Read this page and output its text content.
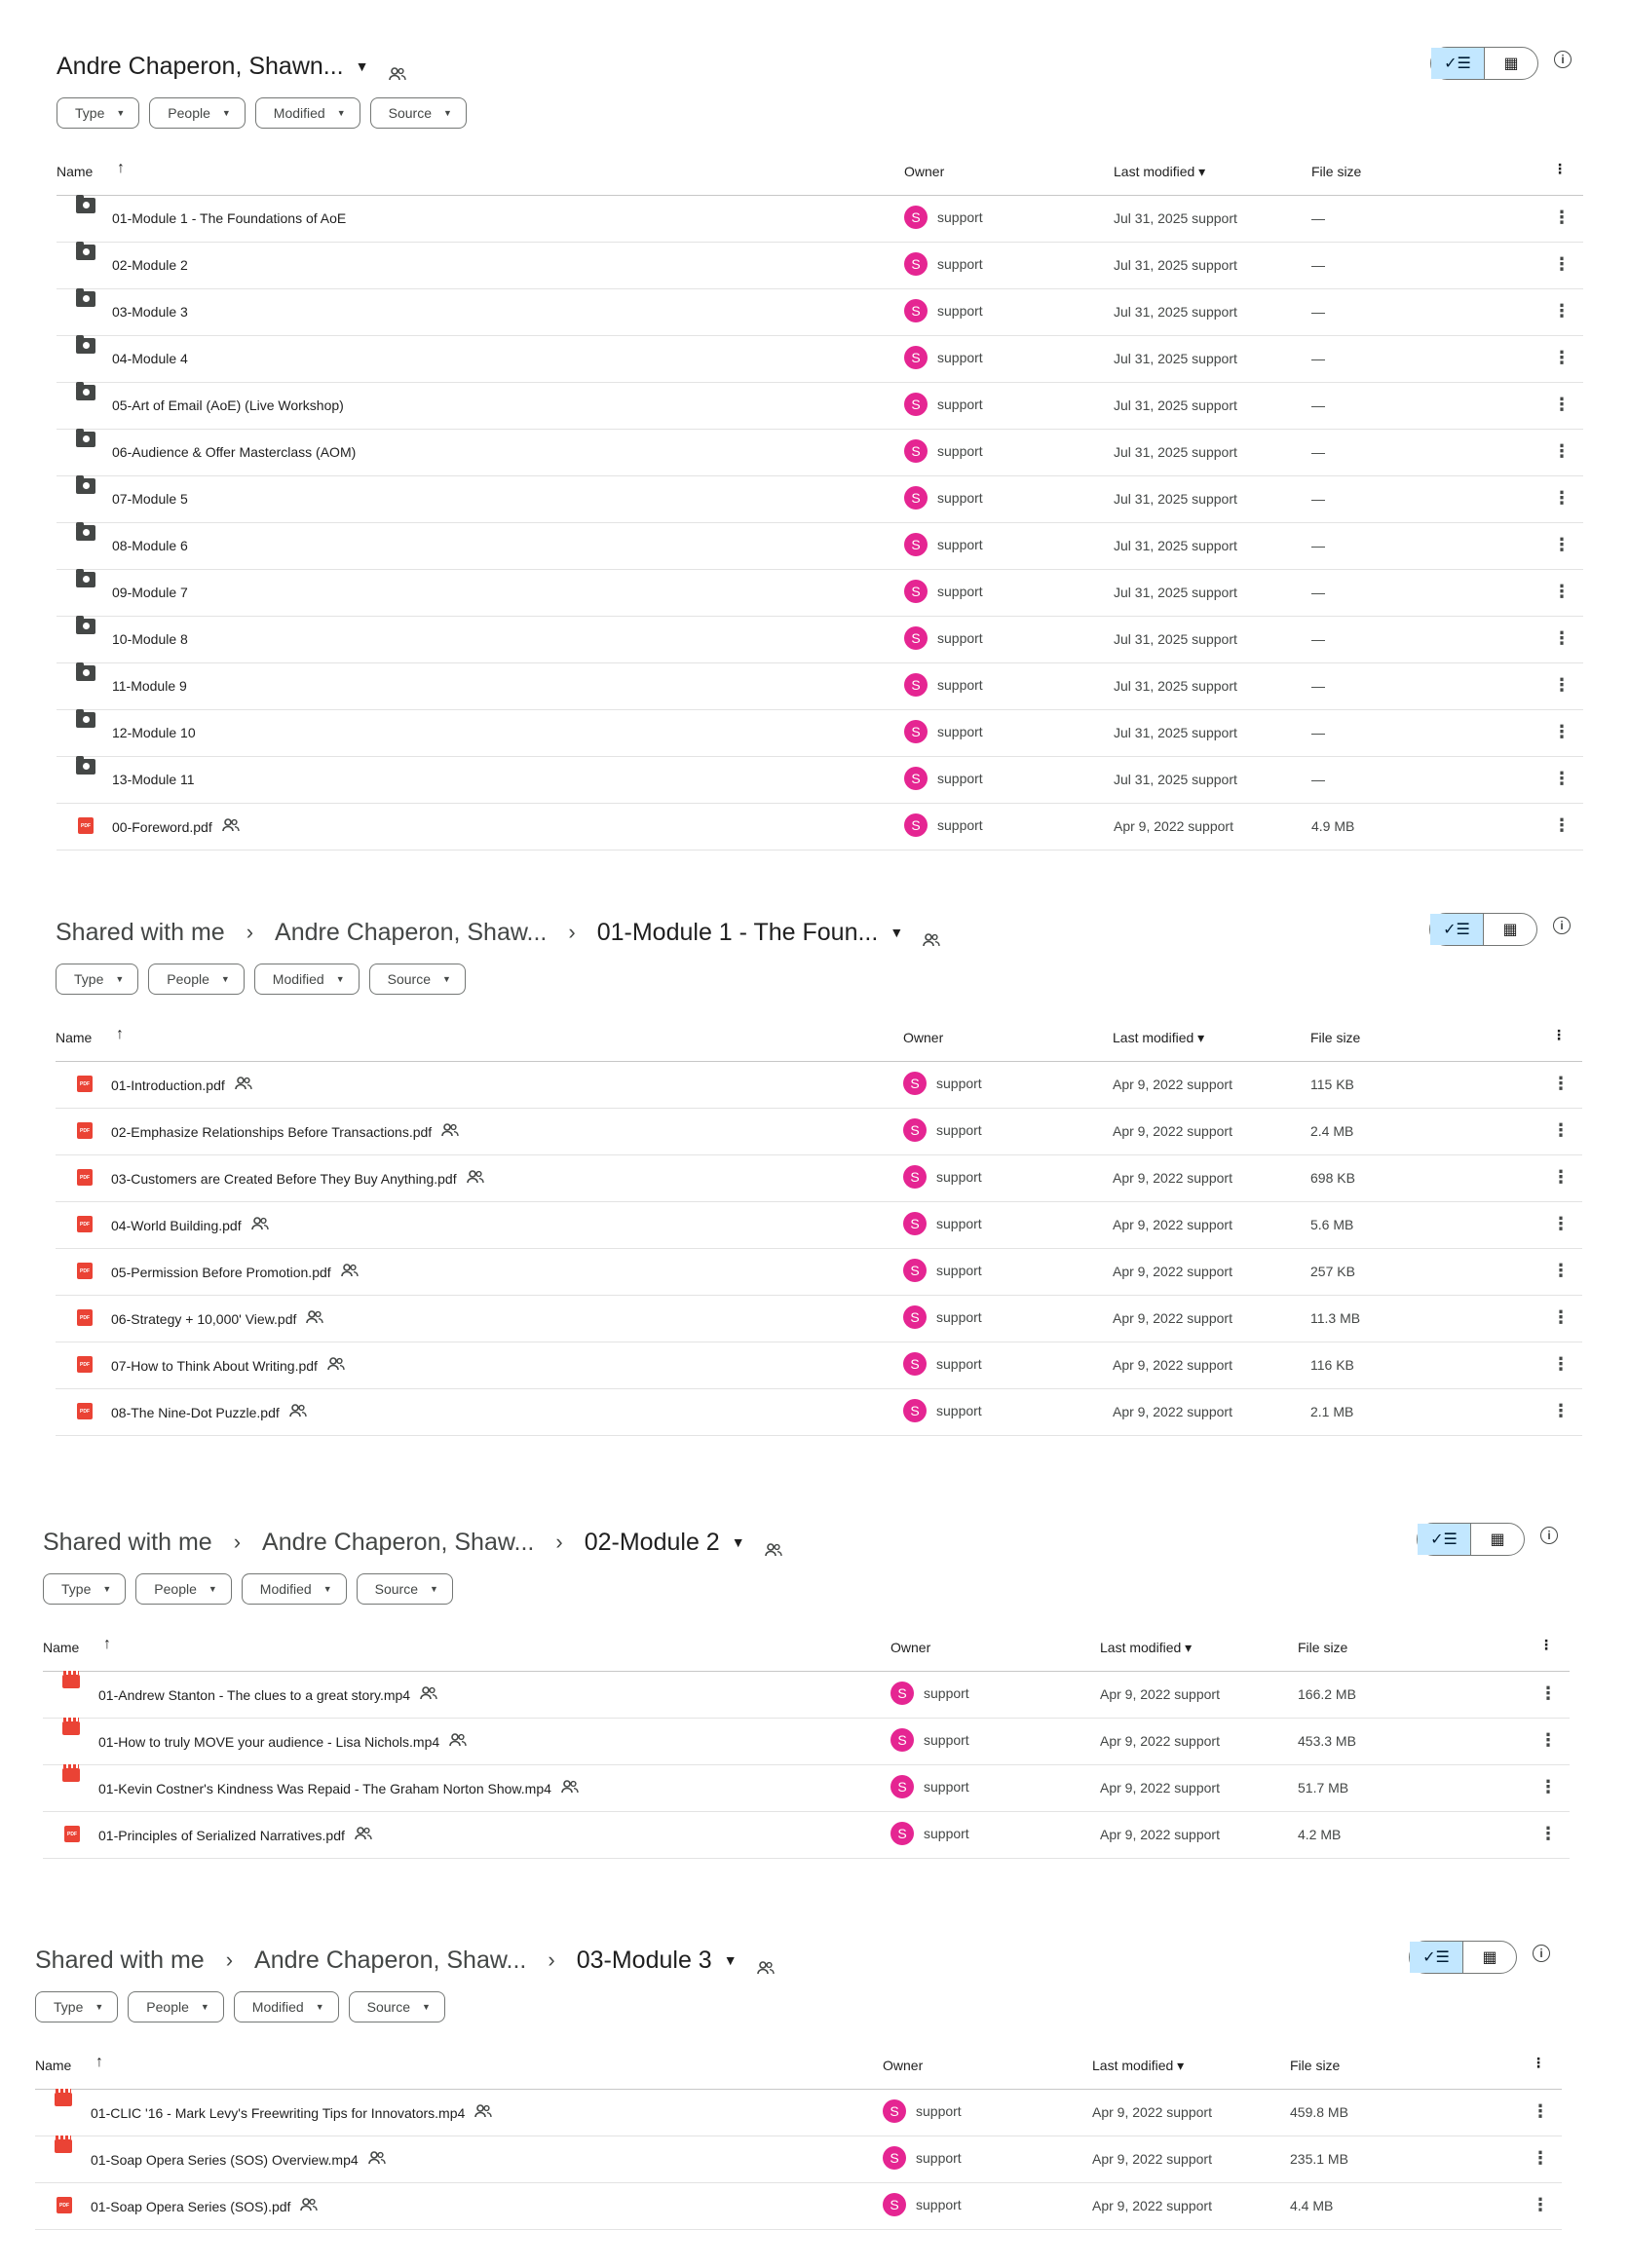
Andre Chaperon, Shawn... ▼	✓☰	▦	i
Type ▼	People ▼	Modified ▼	Source ▼
Name ↑	Owner	Last modified ▾	File size	⋮
01-Module 1 - The Foundations of AoE	S	support	Jul 31, 2025 support	—	⋮
02-Module 2	S	support	Jul 31, 2025 support	—	⋮
03-Module 3	S	support	Jul 31, 2025 support	—	⋮
04-Module 4	S	support	Jul 31, 2025 support	—	⋮
05-Art of Email (AoE) (Live Workshop)	S	support	Jul 31, 2025 support	—	⋮
06-Audience & Offer Masterclass (AOM)	S	support	Jul 31, 2025 support	—	⋮
07-Module 5	S	support	Jul 31, 2025 support	—	⋮
08-Module 6	S	support	Jul 31, 2025 support	—	⋮
09-Module 7	S	support	Jul 31, 2025 support	—	⋮
10-Module 8	S	support	Jul 31, 2025 support	—	⋮
11-Module 9	S	support	Jul 31, 2025 support	—	⋮
12-Module 10	S	support	Jul 31, 2025 support	—	⋮
13-Module 11	S	support	Jul 31, 2025 support	—	⋮
PDF 00-Foreword.pdf	S	support	Apr 9, 2022 support	4.9 MB	⋮
Shared with me › Andre Chaperon, Shaw... › 01-Module 1 - The Foun... ▼	✓☰	▦	i
Type ▼	People ▼	Modified ▼	Source ▼
Name ↑	Owner	Last modified ▾	File size	⋮
PDF 01-Introduction.pdf	S	support	Apr 9, 2022 support	115 KB	⋮
PDF 02-Emphasize Relationships Before Transactions.pdf	S	support	Apr 9, 2022 support	2.4 MB	⋮
PDF 03-Customers are Created Before They Buy Anything.pdf	S	support	Apr 9, 2022 support	698 KB	⋮
PDF 04-World Building.pdf	S	support	Apr 9, 2022 support	5.6 MB	⋮
PDF 05-Permission Before Promotion.pdf	S	support	Apr 9, 2022 support	257 KB	⋮
PDF 06-Strategy + 10,000' View.pdf	S	support	Apr 9, 2022 support	11.3 MB	⋮
PDF 07-How to Think About Writing.pdf	S	support	Apr 9, 2022 support	116 KB	⋮
PDF 08-The Nine-Dot Puzzle.pdf	S	support	Apr 9, 2022 support	2.1 MB	⋮
Shared with me › Andre Chaperon, Shaw... › 02-Module 2 ▼	✓☰	▦	i
Type ▼	People ▼	Modified ▼	Source ▼
Name ↑	Owner	Last modified ▾	File size	⋮
01-Andrew Stanton - The clues to a great story.mp4	S	support	Apr 9, 2022 support	166.2 MB	⋮
01-How to truly MOVE your audience - Lisa Nichols.mp4	S	support	Apr 9, 2022 support	453.3 MB	⋮
01-Kevin Costner's Kindness Was Repaid - The Graham Norton Show.mp4	S	support	Apr 9, 2022 support	51.7 MB	⋮
PDF 01-Principles of Serialized Narratives.pdf	S	support	Apr 9, 2022 support	4.2 MB	⋮
Shared with me › Andre Chaperon, Shaw... › 03-Module 3 ▼	✓☰	▦	i
Type ▼	People ▼	Modified ▼	Source ▼
Name ↑	Owner	Last modified ▾	File size	⋮
01-CLIC '16 - Mark Levy's Freewriting Tips for Innovators.mp4	S	support	Apr 9, 2022 support	459.8 MB	⋮
01-Soap Opera Series (SOS) Overview.mp4	S	support	Apr 9, 2022 support	235.1 MB	⋮
PDF 01-Soap Opera Series (SOS).pdf	S	support	Apr 9, 2022 support	4.4 MB	⋮
